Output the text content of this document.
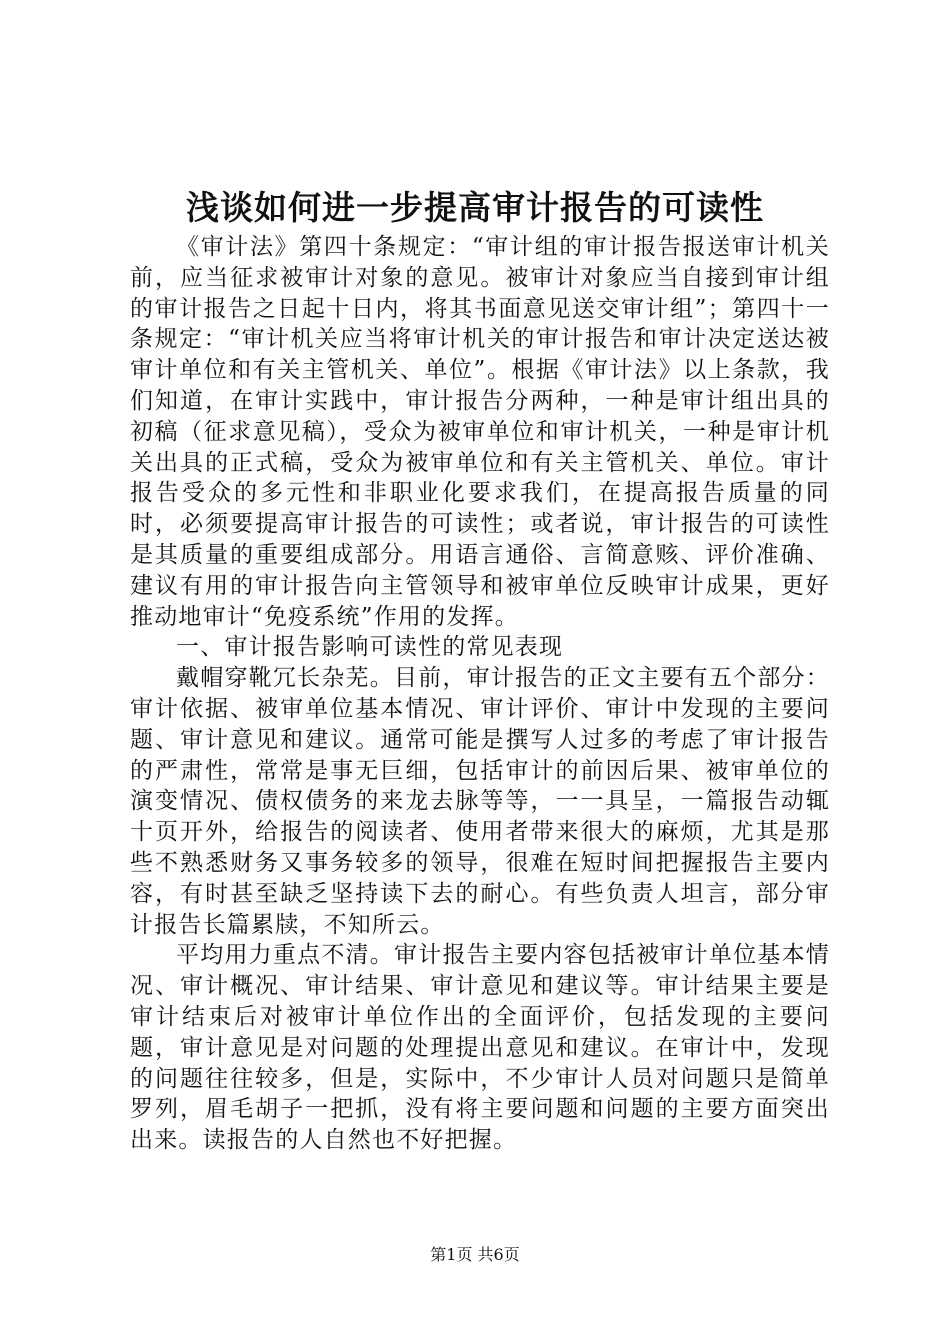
浅谈如何进一步提高审计报告的可读性

《审计法》第四十条规定：“审计组的审计报告报送审计机关前，应当征求被审计对象的意见。被审计对象应当自接到审计组的审计报告之日起十日内，将其书面意见送交审计组”；第四十一条规定：“审计机关应当将审计机关的审计报告和审计决定送达被审计单位和有关主管机关、单位”。根据《审计法》以上条款，我们知道，在审计实践中，审计报告分两种，一种是审计组出具的初稿（征求意见稿），受众为被审单位和审计机关，一种是审计机关出具的正式稿，受众为被审单位和有关主管机关、单位。审计报告受众的多元性和非职业化要求我们，在提高报告质量的同时，必须要提高审计报告的可读性；或者说，审计报告的可读性是其质量的重要组成部分。用语言通俗、言简意赅、评价准确、建议有用的审计报告向主管领导和被审单位反映审计成果，更好推动地审计“免疫系统”作用的发挥。

一、审计报告影响可读性的常见表现

戴帽穿靴冗长杂芜。目前，审计报告的正文主要有五个部分：审计依据、被审单位基本情况、审计评价、审计中发现的主要问题、审计意见和建议。通常可能是撰写人过多的考虑了审计报告的严肃性，常常是事无巨细，包括审计的前因后果、被审单位的演变情况、债权债务的来龙去脉等等，一一具呈，一篇报告动辄十页开外，给报告的阅读者、使用者带来很大的麻烦，尤其是那些不熟悉财务又事务较多的领导，很难在短时间把握报告主要内容，有时甚至缺乏坚持读下去的耐心。有些负责人坦言，部分审计报告长篇累牍，不知所云。

平均用力重点不清。审计报告主要内容包括被审计单位基本情况、审计概况、审计结果、审计意见和建议等。审计结果主要是审计结束后对被审计单位作出的全面评价，包括发现的主要问题，审计意见是对问题的处理提出意见和建议。在审计中，发现的问题往往较多，但是，实际中，不少审计人员对问题只是简单罗列，眉毛胡子一把抓，没有将主要问题和问题的主要方面突出出来。读报告的人自然也不好把握。

第1页 共6页
